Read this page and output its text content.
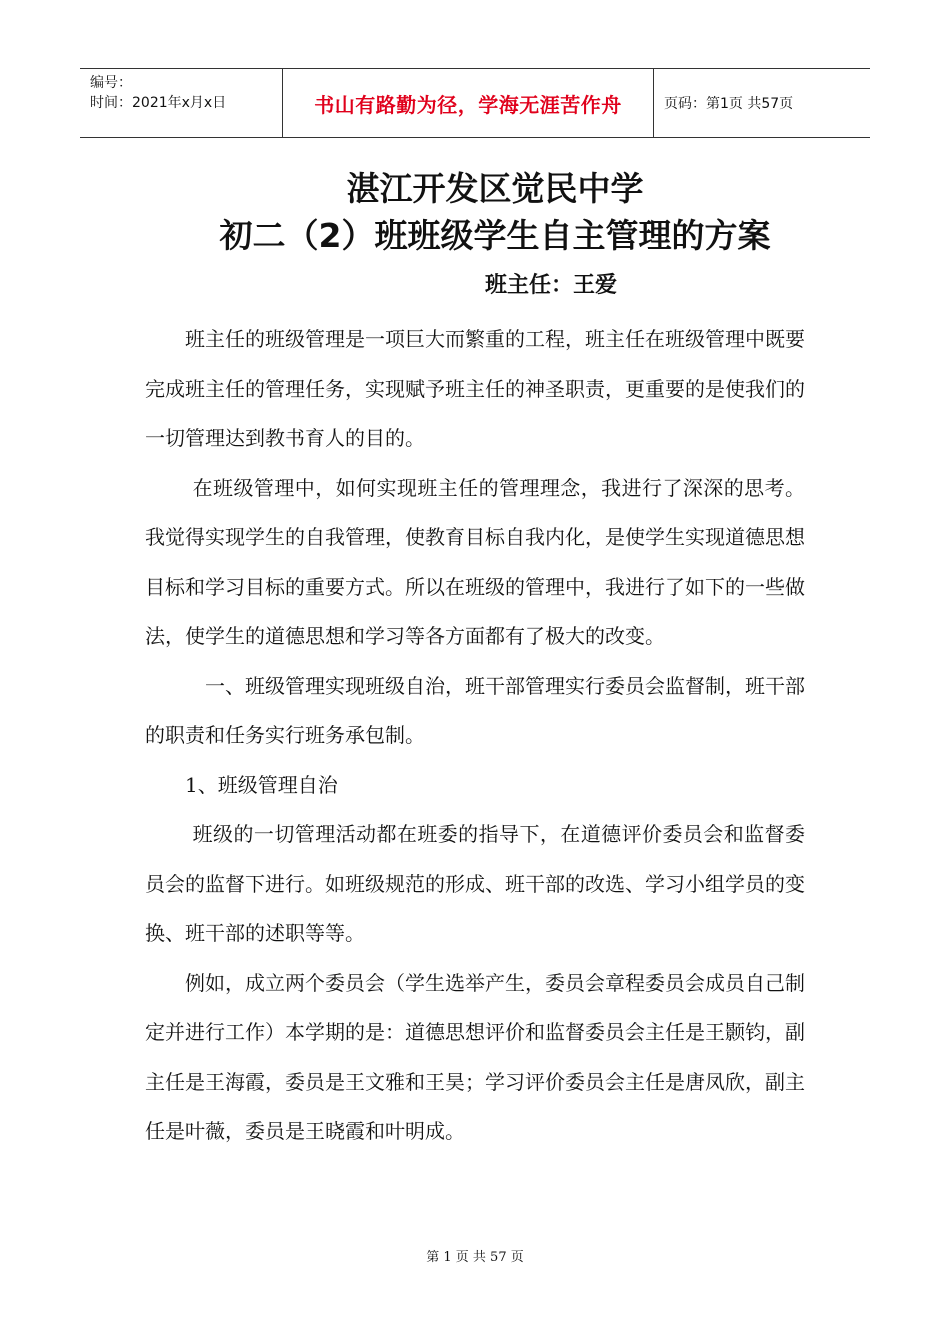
编号：
时间：2021年x月x日	书山有路勤为径，学海无涯苦作舟	页码：第1页 共57页
湛江开发区觉民中学
初二（2）班班级学生自主管理的方案
班主任：王爱

　　班主任的班级管理是一项巨大而繁重的工程，班主任在班级管理中既要完成班主任的管理任务，实现赋予班主任的神圣职责，更重要的是使我们的一切管理达到教书育人的目的。

　　 在班级管理中，如何实现班主任的管理理念，我进行了深深的思考。我觉得实现学生的自我管理，使教育目标自我内化，是使学生实现道德思想目标和学习目标的重要方式。所以在班级的管理中，我进行了如下的一些做法，使学生的道德思想和学习等各方面都有了极大的改变。

　　　一、班级管理实现班级自治，班干部管理实行委员会监督制，班干部的职责和任务实行班务承包制。

　　1、班级管理自治

　　 班级的一切管理活动都在班委的指导下，在道德评价委员会和监督委员会的监督下进行。如班级规范的形成、班干部的改选、学习小组学员的变换、班干部的述职等等。

　　例如，成立两个委员会（学生选举产生，委员会章程委员会成员自己制定并进行工作）本学期的是：道德思想评价和监督委员会主任是王颢钧，副主任是王海霞，委员是王文雅和王昊；学习评价委员会主任是唐凤欣，副主任是叶薇，委员是王晓霞和叶明成。

第 1 页 共 57 页
